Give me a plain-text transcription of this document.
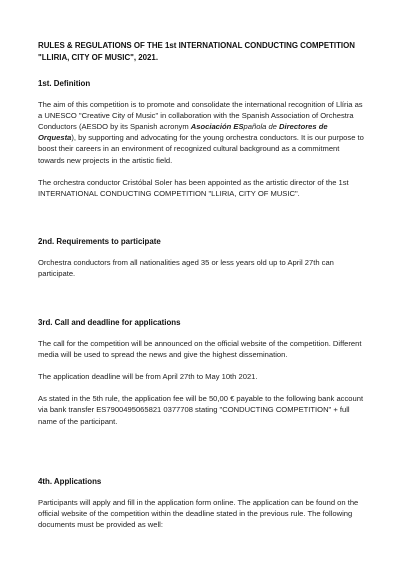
RULES & REGULATIONS OF THE 1st INTERNATIONAL CONDUCTING COMPETITION "LLIRIA, CITY OF MUSIC", 2021.
1st. Definition

The aim of this competition is to promote and consolidate the international recognition of Llíria as a UNESCO "Creative City of Music" in collaboration with the Spanish Association of Orchestra Conductors (AESDO by its Spanish acronym Asociación ESpañola de Directores de Orquesta), by supporting and advocating for the young orchestra conductors. It is our purpose to boost their careers in an environment of recognized cultural background as a commitment towards new projects in the artistic field.

The orchestra conductor Cristóbal Soler has been appointed as the artistic director of the 1st INTERNATIONAL CONDUCTING COMPETITION "LLIRIA, CITY OF MUSIC".

2nd. Requirements to participate

Orchestra conductors from all nationalities aged 35 or less years old up to April 27th can participate.

3rd. Call and deadline for applications

The call for the competition will be announced on the official website of the competition. Different media will be used to spread the news and give the highest dissemination.

The application deadline will be from April 27th to May 10th 2021.

As stated in the 5th rule, the application fee will be 50,00 € payable to the following bank account via bank transfer ES7900495065821 0377708 stating "CONDUCTING COMPETITION" + full name of the participant.

4th. Applications

Participants will apply and fill in the application form online. The application can be found on the official website of the competition within the deadline stated in the previous rule. The following documents must be provided as well:
